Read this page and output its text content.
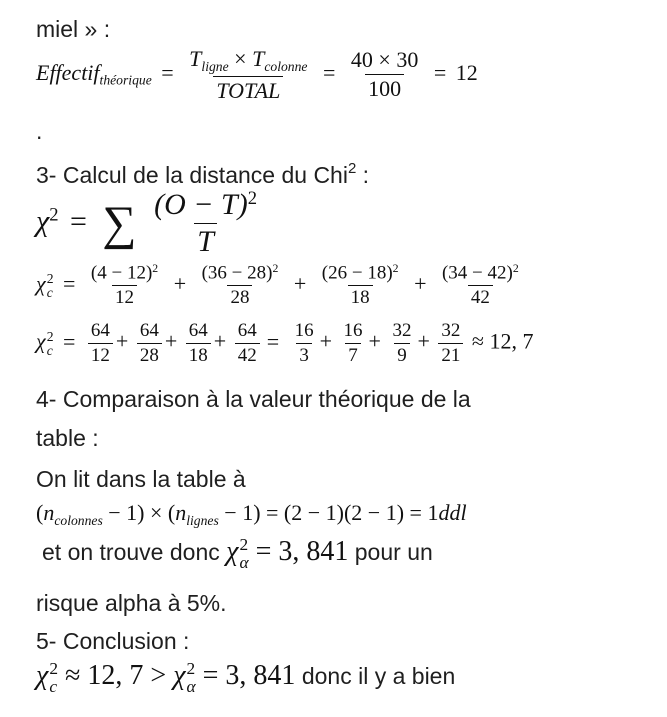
miel » :
Effectif$_{théorique}$ = $\frac{T_{ligne} \times T_{colonne}}{\text{TOTAL}} = \frac{40 \times 30}{100} = 12$
.
3- Calcul de la distance du Chi$^2$ :
$\chi^2$ = ∑ $\frac{(O - T)^2}{T}$
χ 2
$c = \frac{(4 - 12)^2}{12} + \frac{(36 - 28)^2}{28} + \frac{(26 - 18)^2}{18} + \frac{(34 - 42)^2}{42}$
χ 2
$c = \frac{64}{12} + \frac{64}{28} + \frac{64}{18} + \frac{64}{42} = \frac{16}{3} + \frac{16}{7} + \frac{32}{9} + \frac{32}{21} \approx 12$, 7
4- Comparaison à la valeur théorique de la
table :
On lit dans la table à
$(n_{colonnes} - 1) \times (n_{lignes} - 1) = (2 - 1)(2 - 1) = 1ddl$
et on trouve donc χ 2
α = 3, 841 pour un
risque alpha à 5%.
5- Conclusion :
χ 2
c ≈ 12, 7 > χ 2
α = 3, 841 donc il y a bien
